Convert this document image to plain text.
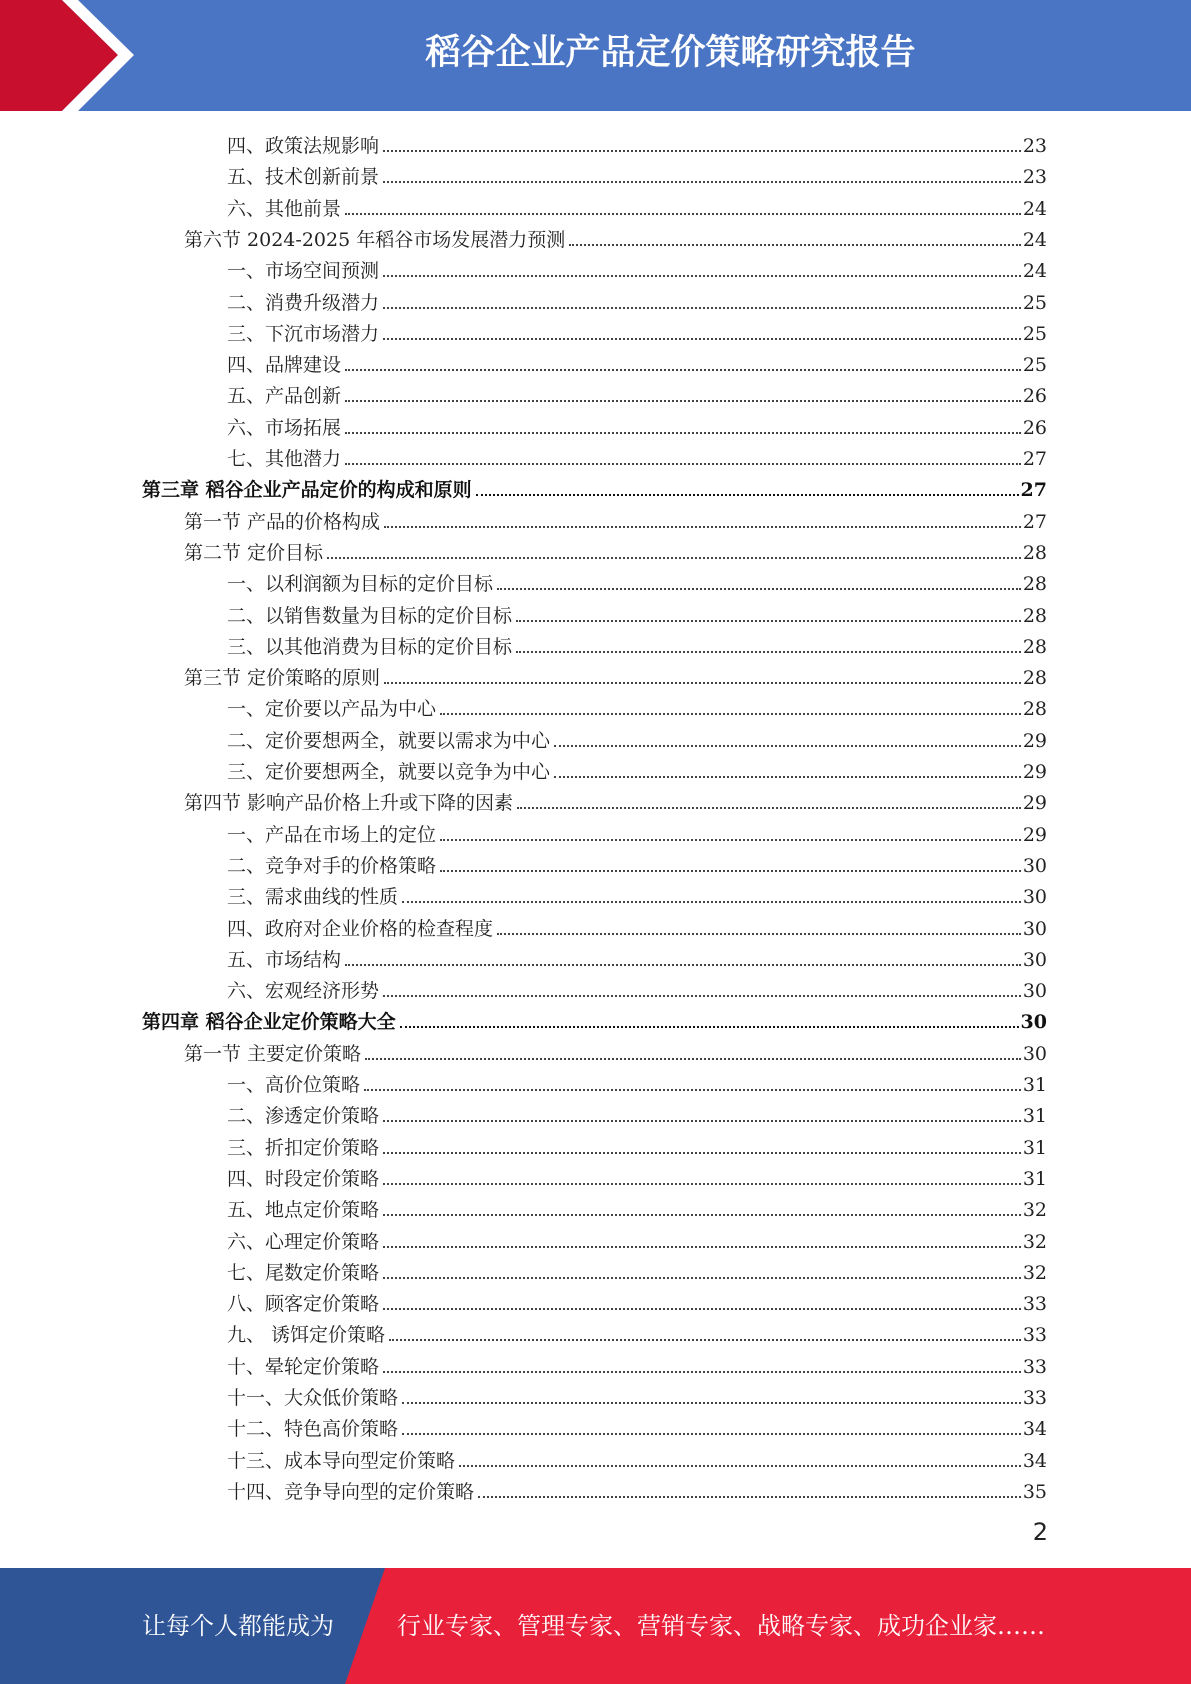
稻谷企业产品定价策略研究报告
四、政策法规影响	23
五、技术创新前景	23
六、其他前景	24
第六节 2024-2025 年稻谷市场发展潜力预测	24
一、市场空间预测	24
二、消费升级潜力	25
三、下沉市场潜力	25
四、品牌建设	25
五、产品创新	26
六、市场拓展	26
七、其他潜力	27
第三章 稻谷企业产品定价的构成和原则	27
第一节 产品的价格构成	27
第二节 定价目标	28
一、以利润额为目标的定价目标	28
二、以销售数量为目标的定价目标	28
三、以其他消费为目标的定价目标	28
第三节 定价策略的原则	28
一、定价要以产品为中心	28
二、定价要想两全，就要以需求为中心	29
三、定价要想两全，就要以竞争为中心	29
第四节 影响产品价格上升或下降的因素	29
一、产品在市场上的定位	29
二、竞争对手的价格策略	30
三、需求曲线的性质	30
四、政府对企业价格的检查程度	30
五、市场结构	30
六、宏观经济形势	30
第四章 稻谷企业定价策略大全	30
第一节 主要定价策略	30
一、高价位策略	31
二、渗透定价策略	31
三、折扣定价策略	31
四、时段定价策略	31
五、地点定价策略	32
六、心理定价策略	32
七、尾数定价策略	32
八、顾客定价策略	33
九、 诱饵定价策略	33
十、晕轮定价策略	33
十一、大众低价策略	33
十二、特色高价策略	34
十三、成本导向型定价策略	34
十四、竞争导向型的定价策略	35
2
让每个人都能成为	行业专家、管理专家、营销专家、战略专家、成功企业家……
